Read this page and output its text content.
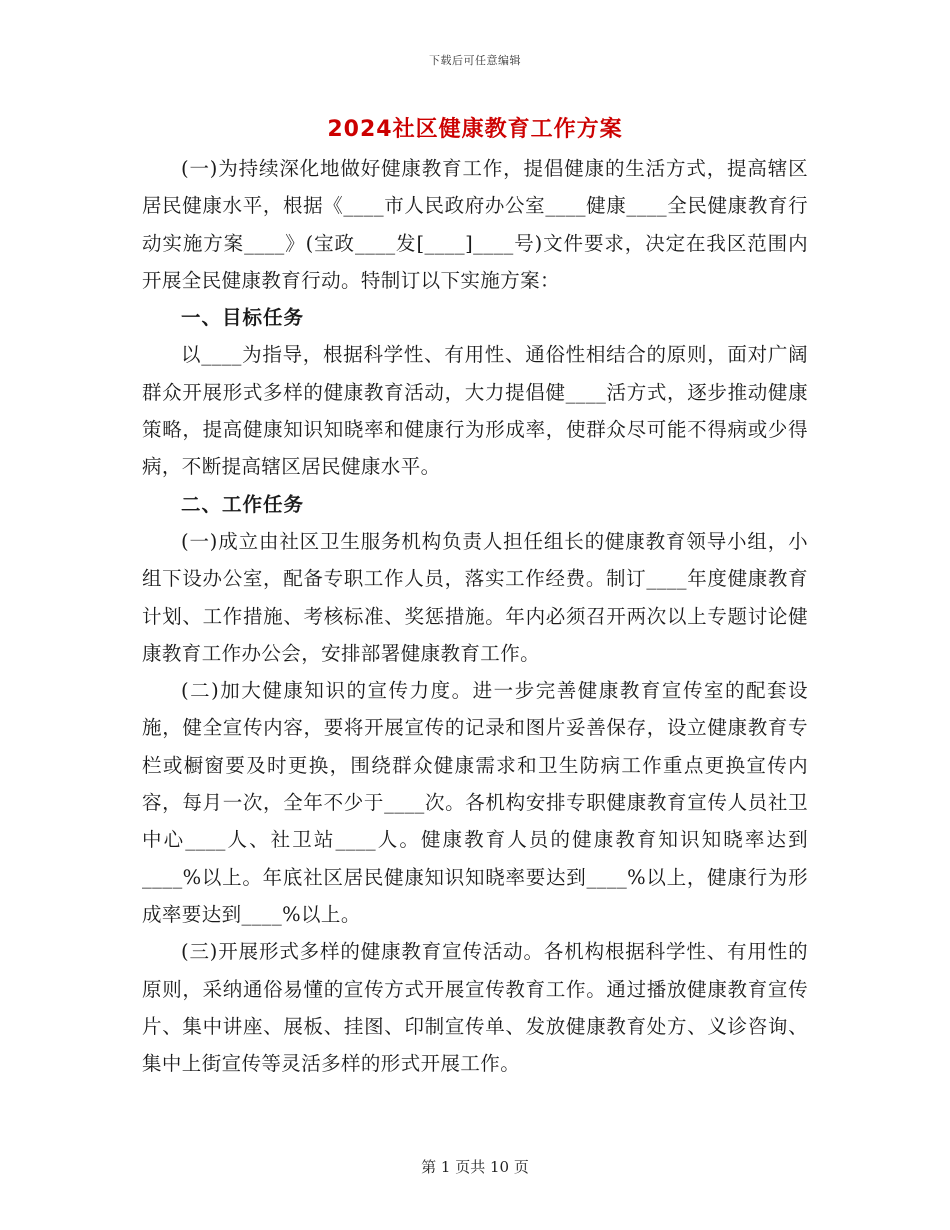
下载后可任意编辑
2024社区健康教育工作方案

(一)为持续深化地做好健康教育工作，提倡健康的生活方式，提高辖区居民健康水平，根据《____市人民政府办公室____健康____全民健康教育行动实施方案____》(宝政____发[____]____号)文件要求，决定在我区范围内开展全民健康教育行动。特制订以下实施方案：

一、目标任务

以____为指导，根据科学性、有用性、通俗性相结合的原则，面对广阔群众开展形式多样的健康教育活动，大力提倡健____活方式，逐步推动健康策略，提高健康知识知晓率和健康行为形成率，使群众尽可能不得病或少得病，不断提高辖区居民健康水平。

二、工作任务

(一)成立由社区卫生服务机构负责人担任组长的健康教育领导小组，小组下设办公室，配备专职工作人员，落实工作经费。制订____年度健康教育计划、工作措施、考核标准、奖惩措施。年内必须召开两次以上专题讨论健康教育工作办公会，安排部署健康教育工作。

(二)加大健康知识的宣传力度。进一步完善健康教育宣传室的配套设施，健全宣传内容，要将开展宣传的记录和图片妥善保存，设立健康教育专栏或橱窗要及时更换，围绕群众健康需求和卫生防病工作重点更换宣传内容，每月一次，全年不少于____次。各机构安排专职健康教育宣传人员社卫中心____人、社卫站____人。健康教育人员的健康教育知识知晓率达到____%以上。年底社区居民健康知识知晓率要达到____%以上，健康行为形成率要达到____%以上。

(三)开展形式多样的健康教育宣传活动。各机构根据科学性、有用性的原则，采纳通俗易懂的宣传方式开展宣传教育工作。通过播放健康教育宣传片、集中讲座、展板、挂图、印制宣传单、发放健康教育处方、义诊咨询、集中上街宣传等灵活多样的形式开展工作。

第 1 页共 10 页
